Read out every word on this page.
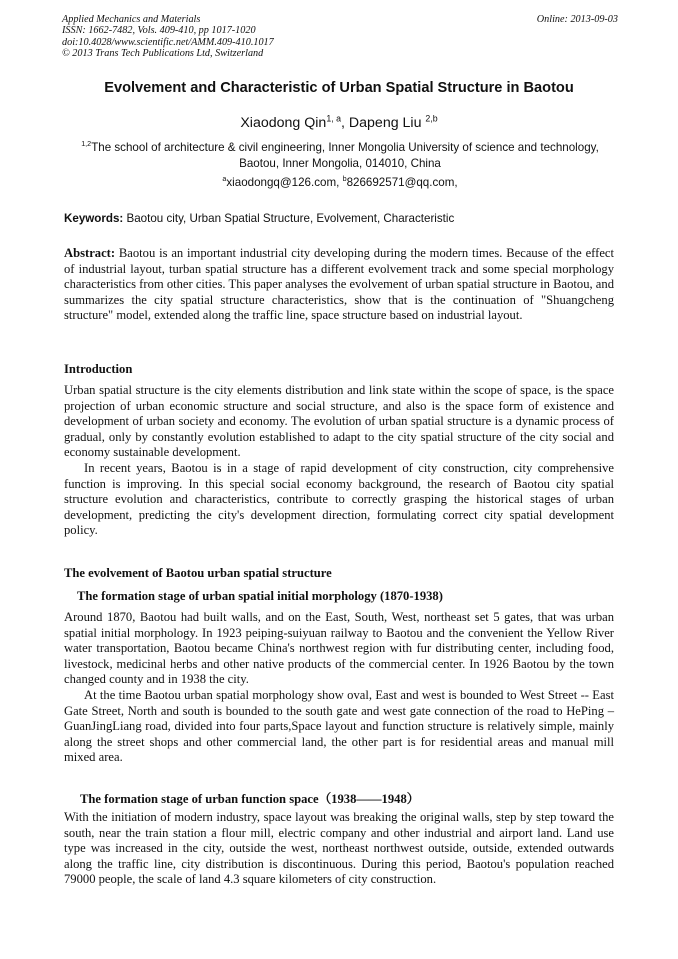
Applied Mechanics and Materials
ISSN: 1662-7482, Vols. 409-410, pp 1017-1020
doi:10.4028/www.scientific.net/AMM.409-410.1017
© 2013 Trans Tech Publications Ltd, Switzerland
Online: 2013-09-03
Evolvement and Characteristic of Urban Spatial Structure in Baotou
Xiaodong Qin$^{1, a}$, Dapeng Liu $^{2,b}$
$^{1,2}$The school of architecture & civil engineering, Inner Mongolia University of science and technology, Baotou, Inner Mongolia, 014010, China
$^a$xiaodongq@126.com, $^b$826692571@qq.com,
Keywords: Baotou city, Urban Spatial Structure, Evolvement, Characteristic

Abstract: Baotou is an important industrial city developing during the modern times. Because of the effect of industrial layout, turban spatial structure has a different evolvement track and some special morphology characteristics from other cities. This paper analyses the evolvement of urban spatial structure in Baotou, and summarizes the city spatial structure characteristics, show that is the continuation of "Shuangcheng structure" model, extended along the traffic line, space structure based on industrial layout.

Introduction

Urban spatial structure is the city elements distribution and link state within the scope of space, is the space projection of urban economic structure and social structure, and also is the space form of existence and development of urban society and economy. The evolution of urban spatial structure is a dynamic process of gradual, only by constantly evolution established to adapt to the city spatial structure of the city social and economy sustainable development.

In recent years, Baotou is in a stage of rapid development of city construction, city comprehensive function is improving. In this special social economy background, the research of Baotou city spatial structure evolution and characteristics, contribute to correctly grasping the historical stages of urban development, predicting the city's development direction, formulating correct city spatial development policy.

The evolvement of Baotou urban spatial structure
The formation stage of urban spatial initial morphology (1870-1938)

Around 1870, Baotou had built walls, and on the East, South, West, northeast set 5 gates, that was urban spatial initial morphology. In 1923 peiping-suiyuan railway to Baotou and the convenient the Yellow River water transportation, Baotou became China's northwest region with fur distributing center, including food, livestock, medicinal herbs and other native products of the commercial center. In 1926 Baotou by the town changed county and in 1938 the city.

At the time Baotou urban spatial morphology show oval, East and west is bounded to West Street -- East Gate Street, North and south is bounded to the south gate and west gate connection of the road to HePing – GuanJingLiang road, divided into four parts,Space layout and function structure is relatively simple, mainly along the street shops and other commercial land, the other part is for residential areas and manual mill mixed area.

The formation stage of urban function space（1938——1948）

With the initiation of modern industry, space layout was breaking the original walls, step by step toward the south, near the train station a flour mill, electric company and other industrial and airport land. Land use type was increased in the city, outside the west, northeast northwest outside, outside, extended outwards along the traffic line, city distribution is discontinuous. During this period, Baotou's population reached 79000 people, the scale of land 4.3 square kilometers of city construction.
